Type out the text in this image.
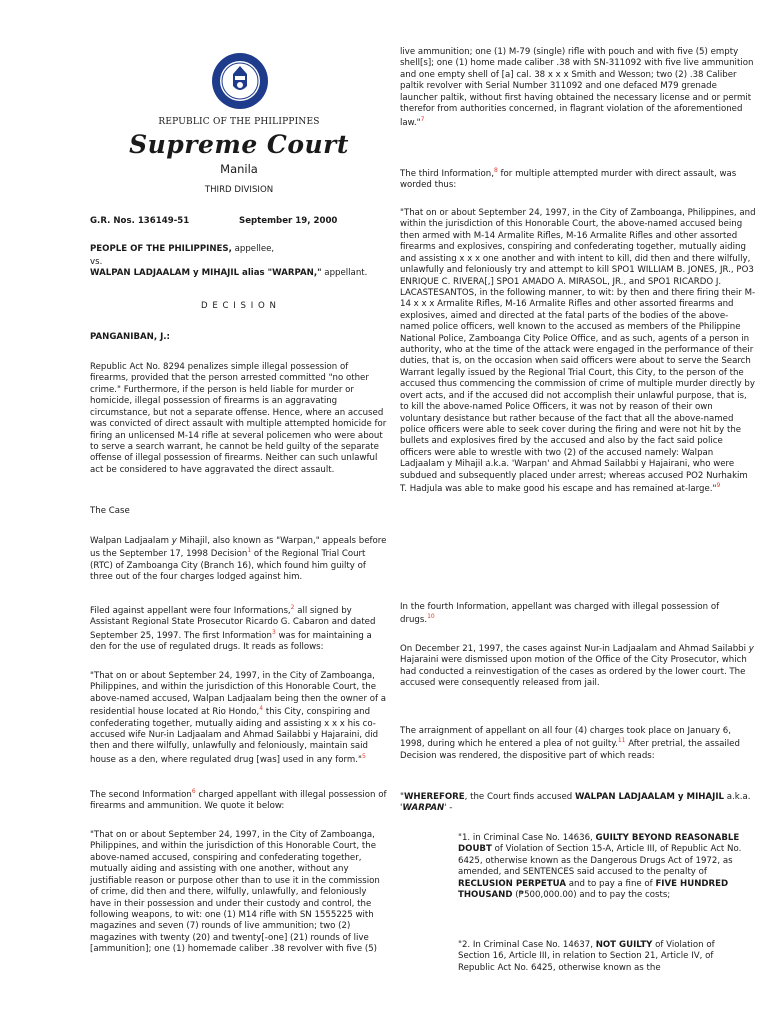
REPUBLIC OF THE PHILIPPINES
Supreme Court
Manila
THIRD DIVISION
G.R. Nos. 136149-51	September 19, 2000

PEOPLE OF THE PHILIPPINES, appellee,

vs.

WALPAN LADJAALAM y MIHAJIL alias "WARPAN," appellant.

D E C I S I O N

PANGANIBAN, J.:

Republic Act No. 8294 penalizes simple illegal possession of firearms, provided that the person arrested committed "no other crime." Furthermore, if the person is held liable for murder or homicide, illegal possession of firearms is an aggravating circumstance, but not a separate offense. Hence, where an accused was convicted of direct assault with multiple attempted homicide for firing an unlicensed M-14 rifle at several policemen who were about to serve a search warrant, he cannot be held guilty of the separate offense of illegal possession of firearms. Neither can such unlawful act be considered to have aggravated the direct assault.

The Case

Walpan Ladjaalam y Mihajil, also known as "Warpan," appeals before us the September 17, 1998 Decision$^1$ of the Regional Trial Court (RTC) of Zamboanga City (Branch 16), which found him guilty of three out of the four charges lodged against him.

Filed against appellant were four Informations,$^2$ all signed by Assistant Regional State Prosecutor Ricardo G. Cabaron and dated September 25, 1997. The first Information$^3$ was for maintaining a den for the use of regulated drugs. It reads as follows:

"That on or about September 24, 1997, in the City of Zamboanga, Philippines, and within the jurisdiction of this Honorable Court, the above-named accused, Walpan Ladjaalam being then the owner of a residential house located at Rio Hondo,$^4$ this City, conspiring and confederating together, mutually aiding and assisting x x x his co-accused wife Nur-in Ladjaalam and Ahmad Sailabbi y Hajaraini, did then and there wilfully, unlawfully and feloniously, maintain said house as a den, where regulated drug [was] used in any form."$^5$

The second Information$^6$ charged appellant with illegal possession of firearms and ammunition. We quote it below:

"That on or about September 24, 1997, in the City of Zamboanga, Philippines, and within the jurisdiction of this Honorable Court, the above-named accused, conspiring and confederating together, mutually aiding and assisting with one another, without any justifiable reason or purpose other than to use it in the commission of crime, did then and there, wilfully, unlawfully, and feloniously have in their possession and under their custody and control, the following weapons, to wit: one (1) M14 rifle with SN 1555225 with magazines and seven (7) rounds of live ammunition; two (2) magazines with twenty (20) and twenty[-one] (21) rounds of live [ammunition]; one (1) homemade caliber .38 revolver with five (5)

live ammunition; one (1) M-79 (single) rifle with pouch and with five (5) empty shell[s]; one (1) home made caliber .38 with SN-311092 with five live ammunition and one empty shell of [a] cal. 38 x x x Smith and Wesson; two (2) .38 Caliber paltik revolver with Serial Number 311092 and one defaced M79 grenade launcher paltik, without first having obtained the necessary license and or permit therefor from authorities concerned, in flagrant violation of the aforementioned law."$^7$

The third Information,$^8$ for multiple attempted murder with direct assault, was worded thus:

"That on or about September 24, 1997, in the City of Zamboanga, Philippines, and within the jurisdiction of this Honorable Court, the above-named accused being then armed with M-14 Armalite Rifles, M-16 Armalite Rifles and other assorted firearms and explosives, conspiring and confederating together, mutually aiding and assisting x x x one another and with intent to kill, did then and there wilfully, unlawfully and feloniously try and attempt to kill SPO1 WILLIAM B. JONES, JR., PO3 ENRIQUE C. RIVERA[,] SPO1 AMADO A. MIRASOL, JR., and SPO1 RICARDO J. LACASTESANTOS, in the following manner, to wit: by then and there firing their M-14 x x x Armalite Rifles, M-16 Armalite Rifles and other assorted firearms and explosives, aimed and directed at the fatal parts of the bodies of the above-named police officers, well known to the accused as members of the Philippine National Police, Zamboanga City Police Office, and as such, agents of a person in authority, who at the time of the attack were engaged in the performance of their duties, that is, on the occasion when said officers were about to serve the Search Warrant legally issued by the Regional Trial Court, this City, to the person of the accused thus commencing the commission of crime of multiple murder directly by overt acts, and if the accused did not accomplish their unlawful purpose, that is, to kill the above-named Police Officers, it was not by reason of their own voluntary desistance but rather because of the fact that all the above-named police officers were able to seek cover during the firing and were not hit by the bullets and explosives fired by the accused and also by the fact said police officers were able to wrestle with two (2) of the accused namely: Walpan Ladjaalam y Mihajil a.k.a. 'Warpan' and Ahmad Sailabbi y Hajairani, who were subdued and subsequently placed under arrest; whereas accused PO2 Nurhakim T. Hadjula was able to make good his escape and has remained at-large."$^9$

In the fourth Information, appellant was charged with illegal possession of drugs.$^{10}$

On December 21, 1997, the cases against Nur-in Ladjaalam and Ahmad Sailabbi y Hajaraini were dismissed upon motion of the Office of the City Prosecutor, which had conducted a reinvestigation of the cases as ordered by the lower court. The accused were consequently released from jail.

The arraignment of appellant on all four (4) charges took place on January 6, 1998, during which he entered a plea of not guilty.$^{11}$ After pretrial, the assailed Decision was rendered, the dispositive part of which reads:

"WHEREFORE, the Court finds accused WALPAN LADJAALAM y MIHAJIL a.k.a. 'WARPAN' -

"1. in Criminal Case No. 14636, GUILTY BEYOND REASONABLE DOUBT of Violation of Section 15-A, Article III, of Republic Act No. 6425, otherwise known as the Dangerous Drugs Act of 1972, as amended, and SENTENCES said accused to the penalty of RECLUSION PERPETUA and to pay a fine of FIVE HUNDRED THOUSAND (₱500,000.00) and to pay the costs;

"2. In Criminal Case No. 14637, NOT GUILTY of Violation of Section 16, Article III, in relation to Section 21, Article IV, of Republic Act No. 6425, otherwise known as the
